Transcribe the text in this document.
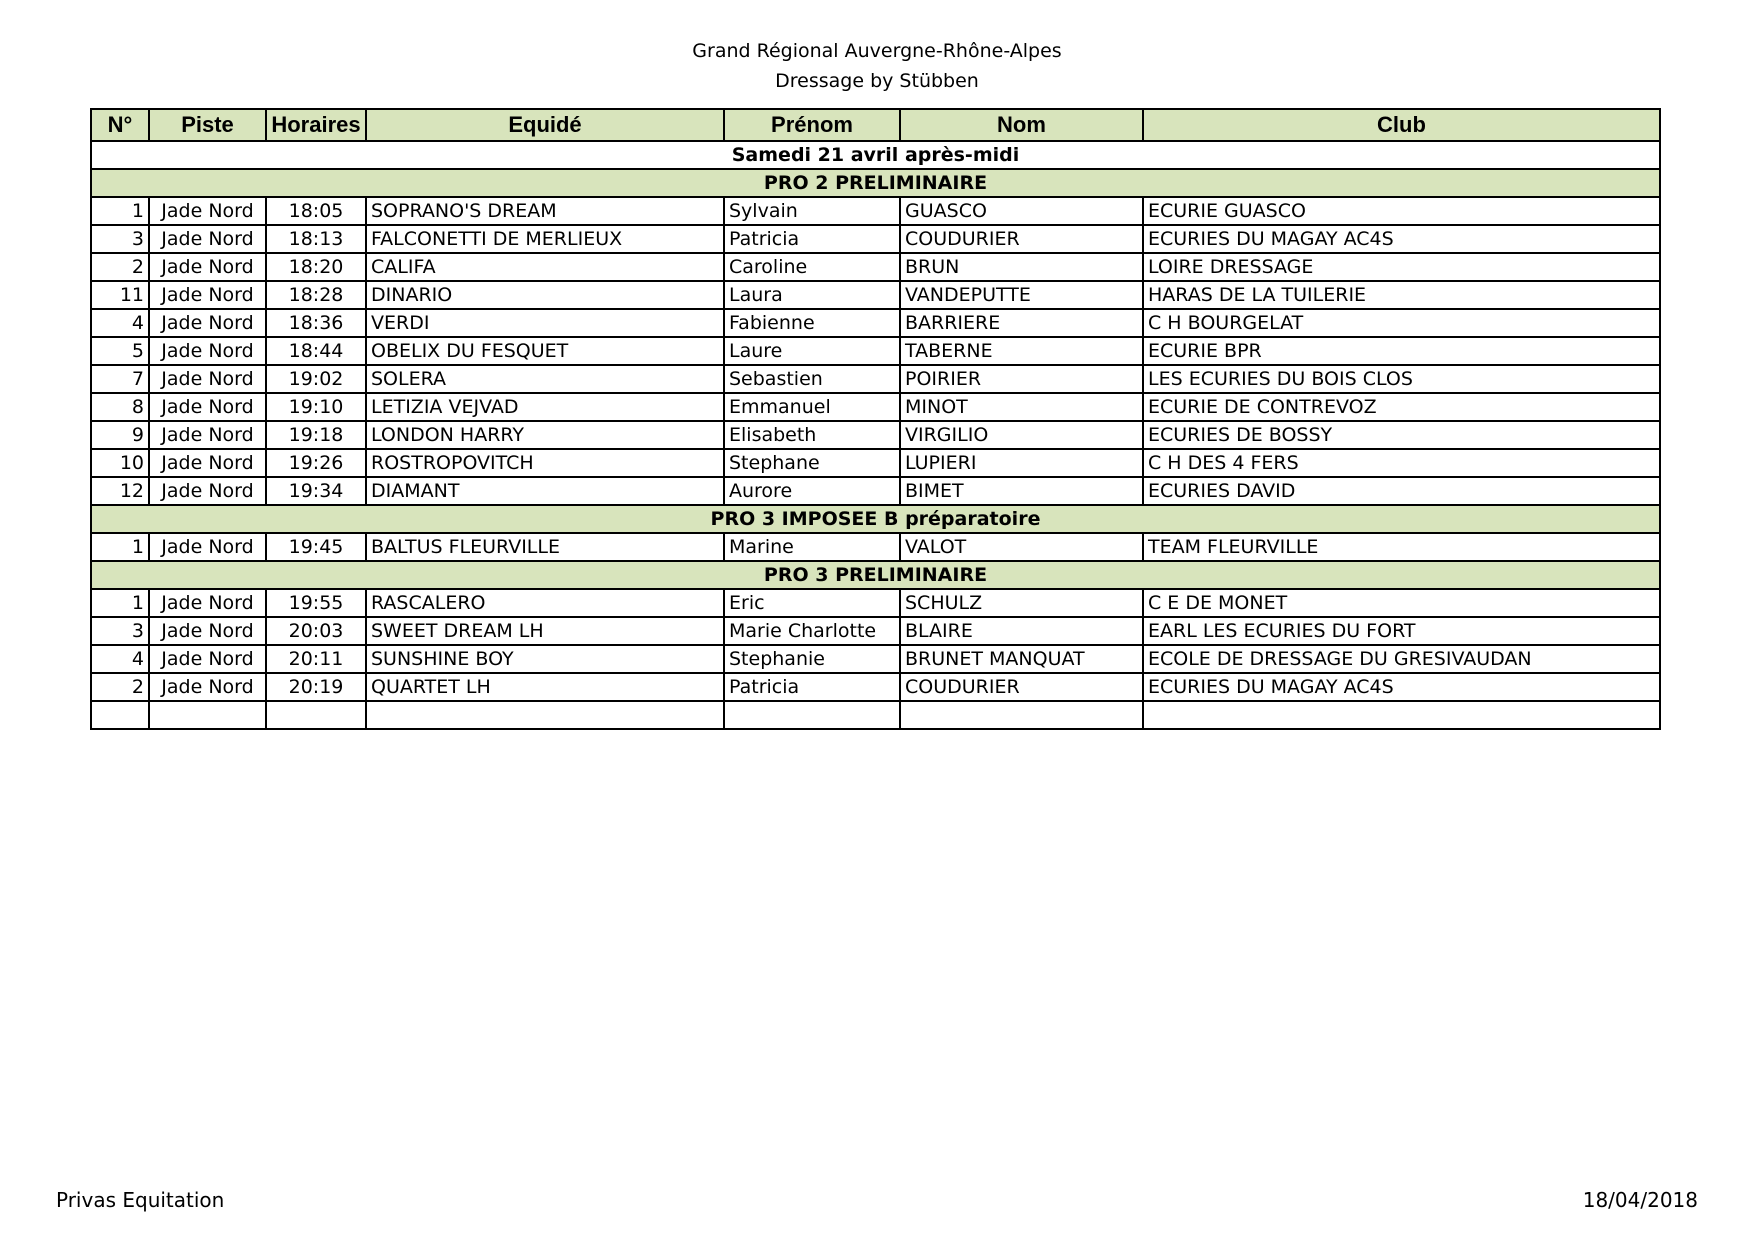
Grand Régional Auvergne-Rhône-Alpes
Dressage by Stübben
N°	Piste	Horaires	Equidé	Prénom	Nom	Club
Samedi 21 avril après-midi						
PRO 2 PRELIMINAIRE						
1	Jade Nord	18:05	SOPRANO'S DREAM	Sylvain	GUASCO	ECURIE GUASCO
3	Jade Nord	18:13	FALCONETTI DE MERLIEUX	Patricia	COUDURIER	ECURIES DU MAGAY AC4S
2	Jade Nord	18:20	CALIFA	Caroline	BRUN	LOIRE DRESSAGE
11	Jade Nord	18:28	DINARIO	Laura	VANDEPUTTE	HARAS DE LA TUILERIE
4	Jade Nord	18:36	VERDI	Fabienne	BARRIERE	C H BOURGELAT
5	Jade Nord	18:44	OBELIX DU FESQUET	Laure	TABERNE	ECURIE BPR
7	Jade Nord	19:02	SOLERA	Sebastien	POIRIER	LES ECURIES DU BOIS CLOS
8	Jade Nord	19:10	LETIZIA VEJVAD	Emmanuel	MINOT	ECURIE DE CONTREVOZ
9	Jade Nord	19:18	LONDON HARRY	Elisabeth	VIRGILIO	ECURIES DE BOSSY
10	Jade Nord	19:26	ROSTROPOVITCH	Stephane	LUPIERI	C H DES 4 FERS
12	Jade Nord	19:34	DIAMANT	Aurore	BIMET	ECURIES DAVID
PRO 3 IMPOSEE B préparatoire						
1	Jade Nord	19:45	BALTUS FLEURVILLE	Marine	VALOT	TEAM FLEURVILLE
PRO 3 PRELIMINAIRE						
1	Jade Nord	19:55	RASCALERO	Eric	SCHULZ	C E DE MONET
3	Jade Nord	20:03	SWEET DREAM LH	Marie Charlotte	BLAIRE	EARL LES ECURIES DU FORT
4	Jade Nord	20:11	SUNSHINE BOY	Stephanie	BRUNET MANQUAT	ECOLE DE DRESSAGE DU GRESIVAUDAN
2	Jade Nord	20:19	QUARTET LH	Patricia	COUDURIER	ECURIES DU MAGAY AC4S

Privas Equitation	18/04/2018
